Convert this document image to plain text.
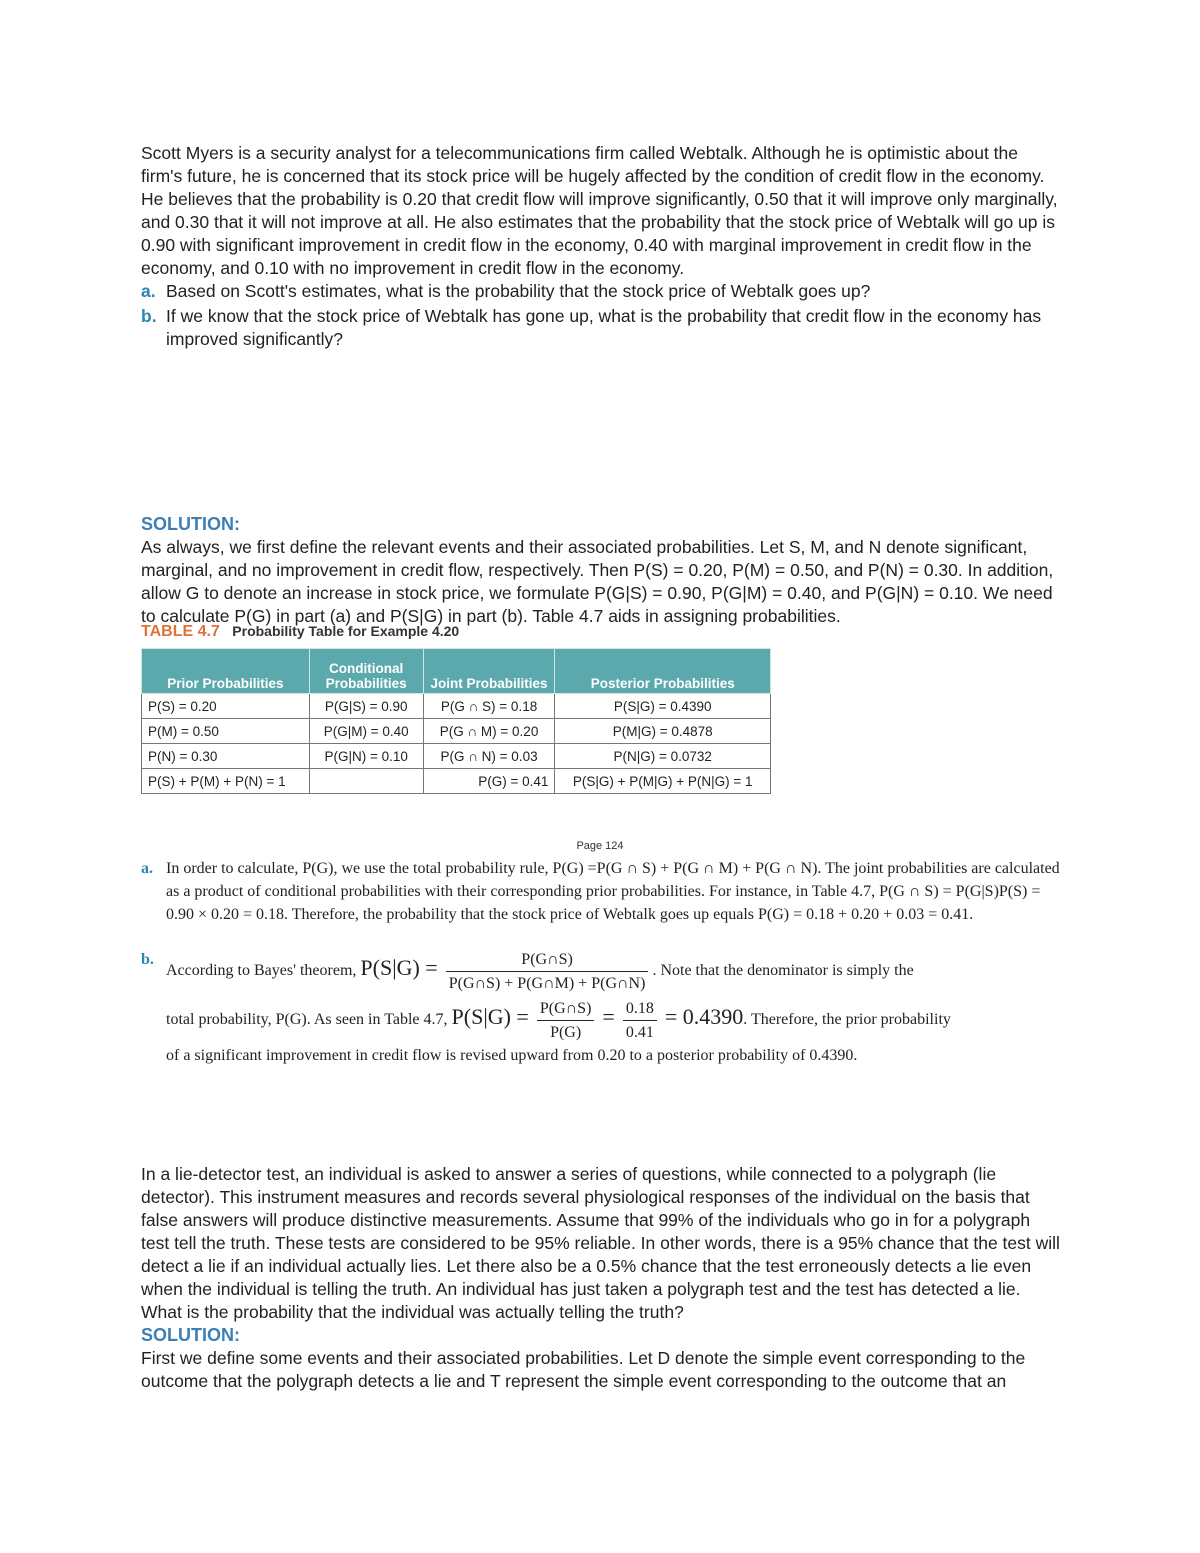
Scott Myers is a security analyst for a telecommunications firm called Webtalk. Although he is optimistic about the firm's future, he is concerned that its stock price will be hugely affected by the condition of credit flow in the economy. He believes that the probability is 0.20 that credit flow will improve significantly, 0.50 that it will improve only marginally, and 0.30 that it will not improve at all. He also estimates that the probability that the stock price of Webtalk will go up is 0.90 with significant improvement in credit flow in the economy, 0.40 with marginal improvement in credit flow in the economy, and 0.10 with no improvement in credit flow in the economy.

a. Based on Scott's estimates, what is the probability that the stock price of Webtalk goes up?
b. If we know that the stock price of Webtalk has gone up, what is the probability that credit flow in the economy has improved significantly?
SOLUTION:

As always, we first define the relevant events and their associated probabilities. Let S, M, and N denote significant, marginal, and no improvement in credit flow, respectively. Then P(S) = 0.20, P(M) = 0.50, and P(N) = 0.30. In addition, allow G to denote an increase in stock price, we formulate P(G|S) = 0.90, P(G|M) = 0.40, and P(G|N) = 0.10. We need to calculate P(G) in part (a) and P(S|G) in part (b). Table 4.7 aids in assigning probabilities.

TABLE 4.7 Probability Table for Example 4.20
Prior Probabilities	Conditional Probabilities	Joint Probabilities	Posterior Probabilities
P(S) = 0.20	P(G|S) = 0.90	P(G ∩ S) = 0.18	P(S|G) = 0.4390
P(M) = 0.50	P(G|M) = 0.40	P(G ∩ M) = 0.20	P(M|G) = 0.4878
P(N) = 0.30	P(G|N) = 0.10	P(G ∩ N) = 0.03	P(N|G) = 0.0732
P(S) + P(M) + P(N) = 1		P(G) = 0.41	P(S|G) + P(M|G) + P(N|G) = 1
Page 124
a. In order to calculate, P(G), we use the total probability rule, P(G) =P(G ∩ S) + P(G ∩ M) + P(G ∩ N). The joint probabilities are calculated as a product of conditional probabilities with their corresponding prior probabilities. For instance, in Table 4.7, P(G ∩ S) = P(G|S)P(S) = 0.90 × 0.20 = 0.18. Therefore, the probability that the stock price of Webtalk goes up equals P(G) = 0.18 + 0.20 + 0.03 = 0.41.
b.
According to Bayes' theorem, $P(S|G) = \frac{P(G\cap S)}{P(G\cap S) + P(G\cap M) + P(G\cap N)}$ . Note that the denominator is simply the
total probability, P(G). As seen in Table 4.7, $P(S|G) = \frac{P(G\cap S)}{P(G)} = \frac{0.18}{0.41} = 0.4390$. Therefore, the prior probability
of a significant improvement in credit flow is revised upward from 0.20 to a posterior probability of 0.4390.

In a lie-detector test, an individual is asked to answer a series of questions, while connected to a polygraph (lie detector). This instrument measures and records several physiological responses of the individual on the basis that false answers will produce distinctive measurements. Assume that 99% of the individuals who go in for a polygraph test tell the truth. These tests are considered to be 95% reliable. In other words, there is a 95% chance that the test will detect a lie if an individual actually lies. Let there also be a 0.5% chance that the test erroneously detects a lie even when the individual is telling the truth. An individual has just taken a polygraph test and the test has detected a lie. What is the probability that the individual was actually telling the truth?

SOLUTION:

First we define some events and their associated probabilities. Let D denote the simple event corresponding to the outcome that the polygraph detects a lie and T represent the simple event corresponding to the outcome that an
